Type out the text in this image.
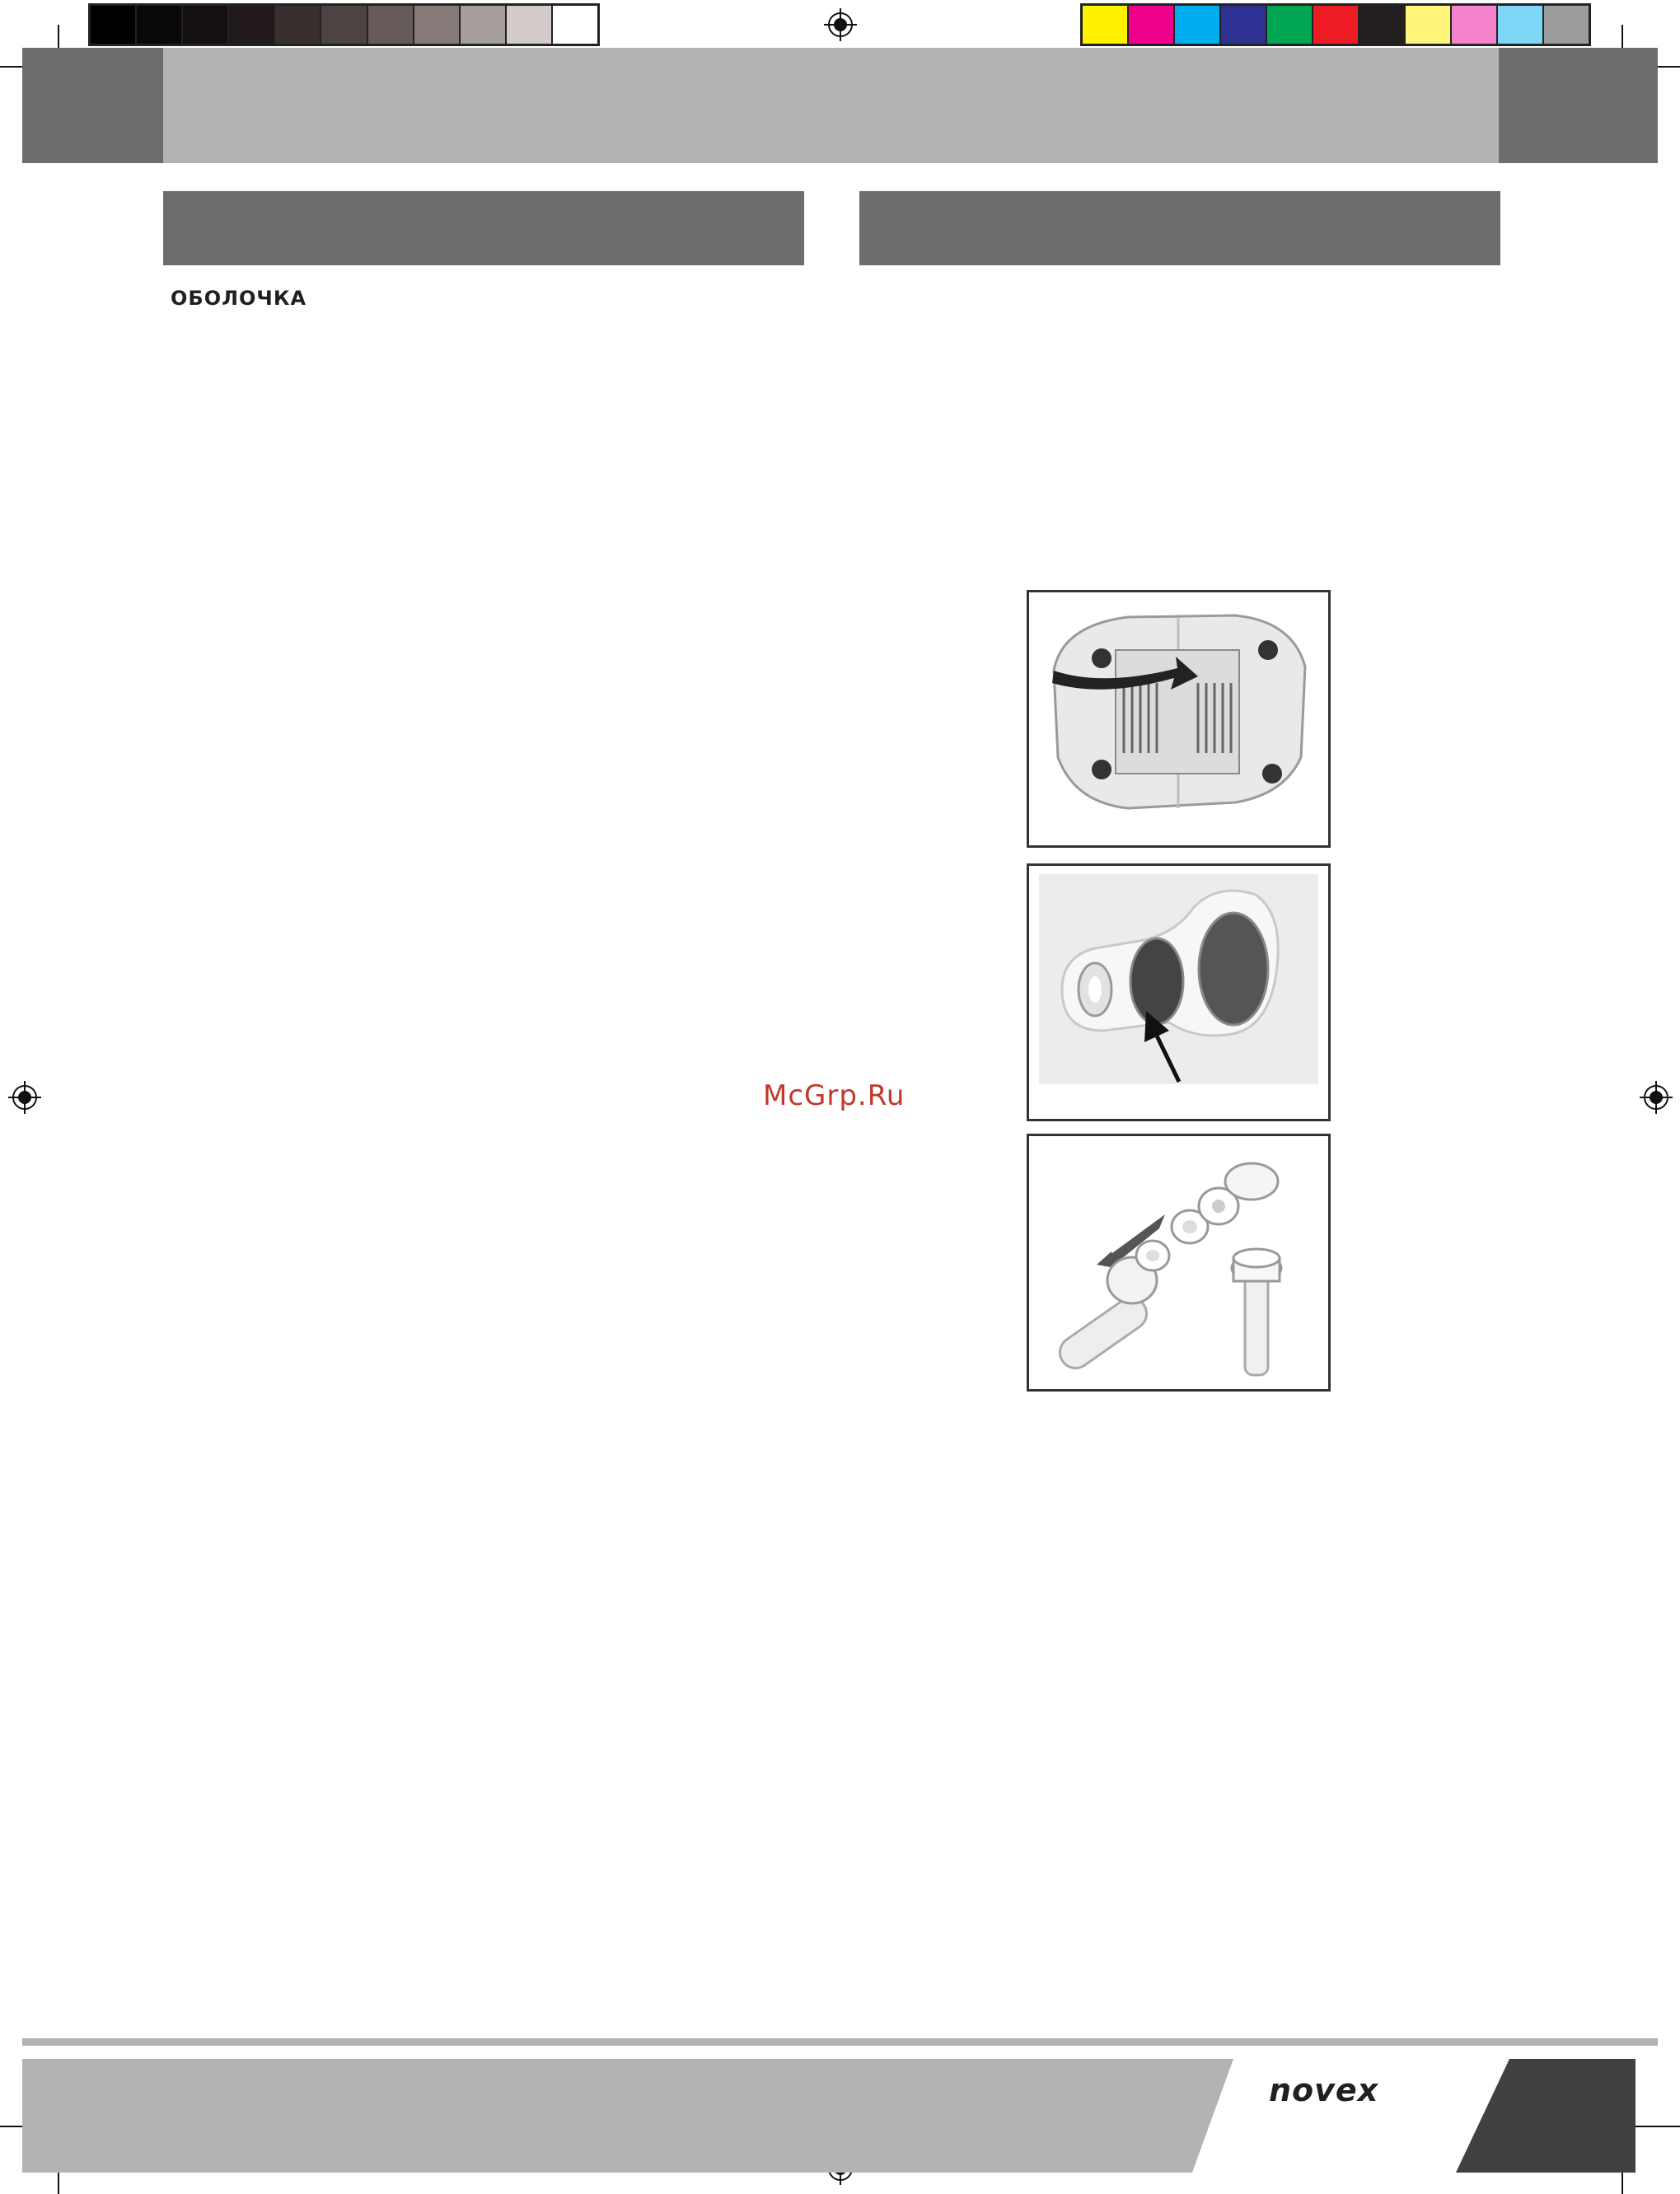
ОБОЛОЧКА
McGrp.Ru
novex
